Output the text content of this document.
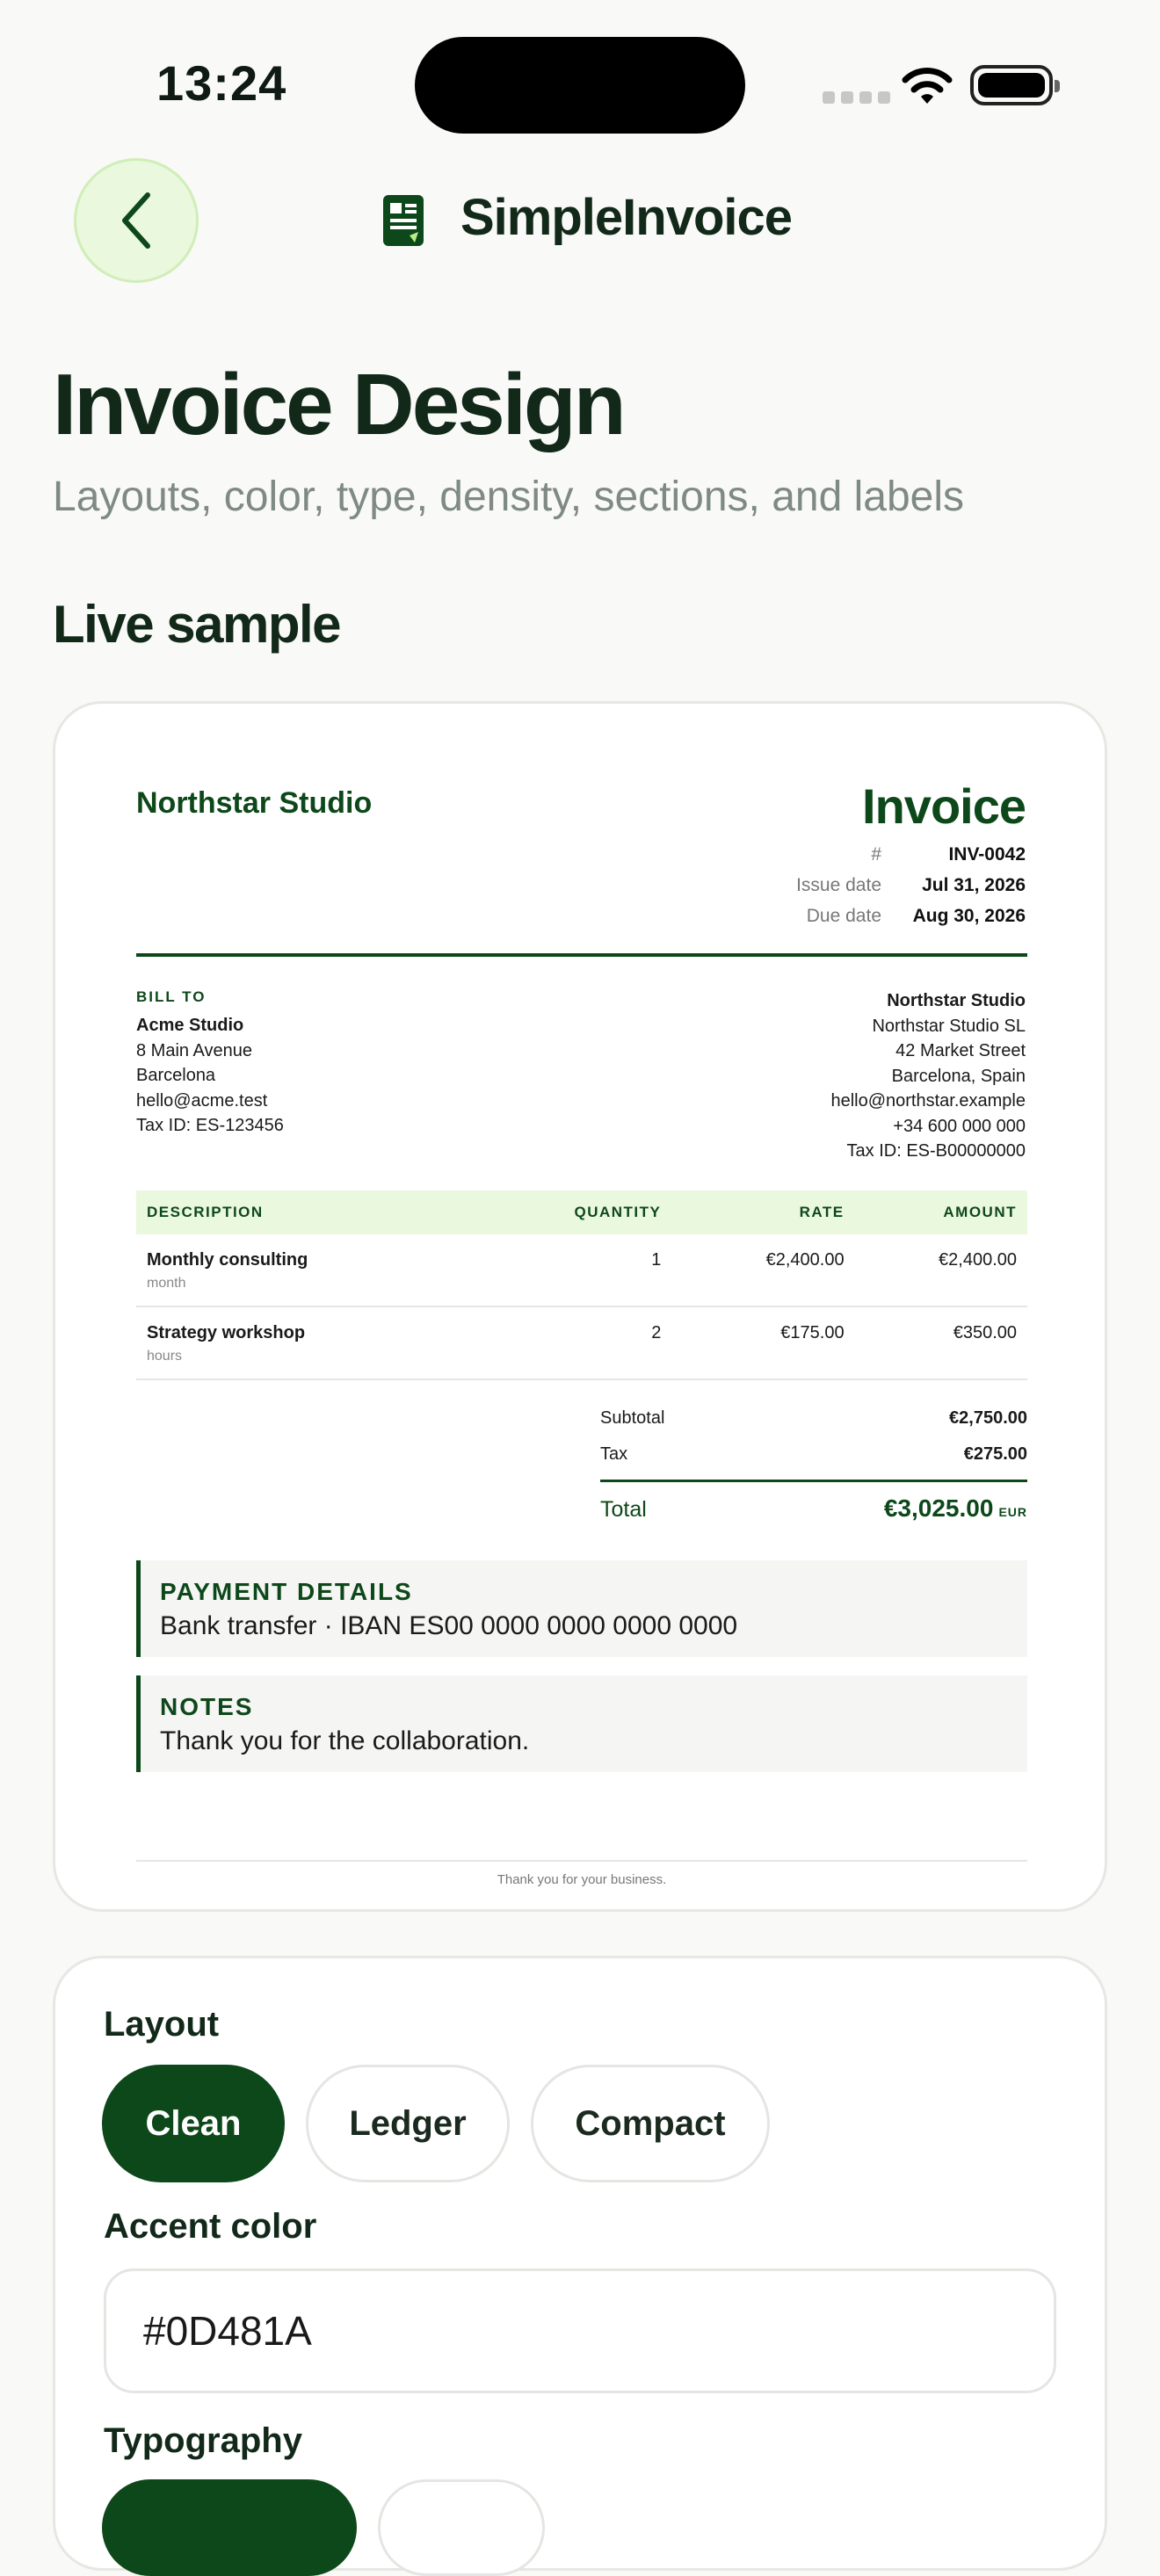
13:24
SimpleInvoice
Invoice Design
Layouts, color, type, density, sections, and labels
Live sample
Northstar Studio	Invoice
#	INV-0042
Issue date	Jul 31, 2026
Due date	Aug 30, 2026
BILL TO
Acme Studio
8 Main Avenue
Barcelona
hello@acme.test
Tax ID: ES-123456
Northstar Studio
Northstar Studio SL
42 Market Street
Barcelona, Spain
hello@northstar.example
+34 600 000 000
Tax ID: ES-B00000000
DESCRIPTION	QUANTITY	RATE	AMOUNT
Monthly consulting
month
1	€2,400.00	€2,400.00
Strategy workshop
hours
2	€175.00	€350.00
Subtotal	€2,750.00
Tax	€275.00
Total	€3,025.00 EUR
PAYMENT DETAILS
Bank transfer · IBAN ES00 0000 0000 0000 0000
NOTES
Thank you for the collaboration.
Thank you for your business.
Layout
Clean	Ledger	Compact
Accent color
#0D481A
Typography
